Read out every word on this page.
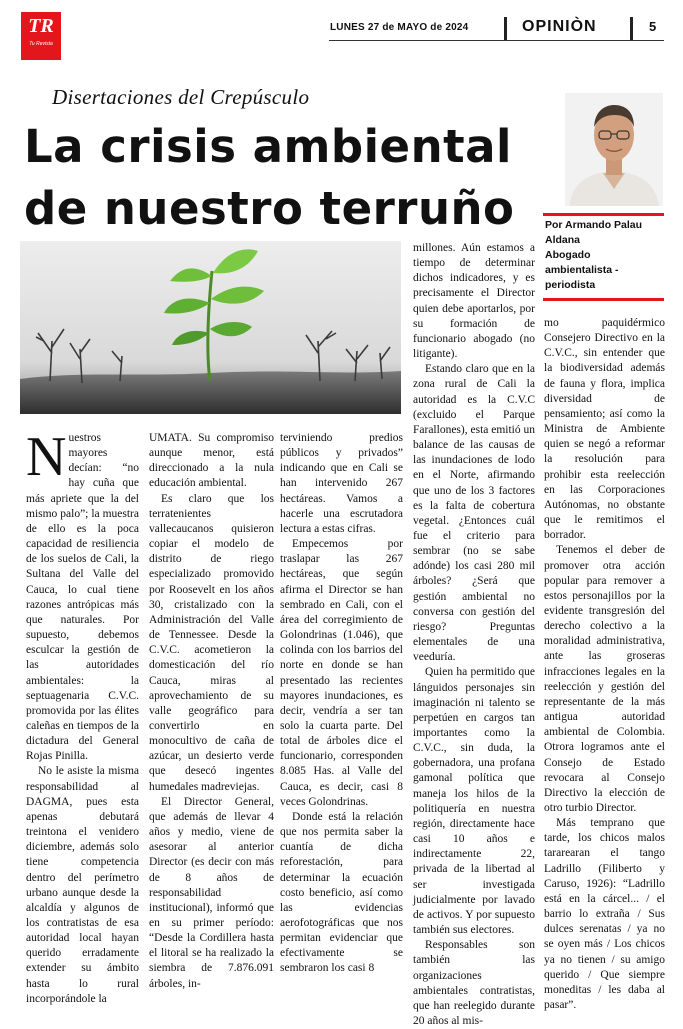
TR
Tu Revista
LUNES 27 de MAYO de 2024	OPINIÒN	5
Disertaciones del Crepúsculo
La crisis ambiental
de nuestro terruño	Por Armando Palau
Aldana
Abogado
ambientalista -
periodista

Nuestros mayores decían: “no hay cuña que más apriete que la del mismo palo”; la muestra de ello es la poca capacidad de resiliencia de los suelos de Cali, la Sultana del Valle del Cauca, lo cual tiene razones antrópicas más que naturales. Por supuesto, debemos esculcar la gestión de las autoridades ambientales: la septuagenaria C.V.C. promovida por las élites caleñas en tiempos de la dictadura del General Rojas Pinilla.

No le asiste la misma responsabilidad al DAGMA, pues esta apenas debutará treintona el venidero diciembre, además solo tiene competencia dentro del perímetro urbano aunque desde la alcaldía y algunos de los contratistas de esa autoridad local hayan querido erradamente extender su ámbito hasta lo rural incorporándole la

UMATA. Su compromiso aunque menor, está direccionado a la nula educación ambiental.

Es claro que los terratenientes vallecaucanos quisieron copiar el modelo de distrito de riego especializado promovido por Roosevelt en los años 30, cristalizado con la Administración del Valle de Tennessee. Desde la C.V.C. acometieron la domesticación del río Cauca, miras al aprovechamiento de su valle geográfico para convertirlo en monocultivo de caña de azúcar, un desierto verde que desecó ingentes humedales madreviejas.

El Director General, que además de llevar 4 años y medio, viene de asesorar al anterior Director (es decir con más de 8 años de responsabilidad institucional), informó que en su primer período: “Desde la Cordillera hasta el litoral se ha realizado la siembra de 7.876.091 árboles, in-

terviniendo predios públicos y privados” indicando que en Cali se han intervenido 267 hectáreas. Vamos a hacerle una escrutadora lectura a estas cifras.

Empecemos por traslapar las 267 hectáreas, que según afirma el Director se han sembrado en Cali, con el área del corregimiento de Golondrinas (1.046), que colinda con los barrios del norte en donde se han presentado las recientes mayores inundaciones, es decir, vendría a ser tan solo la cuarta parte. Del total de árboles dice el funcionario, corresponden 8.085 Has. al Valle del Cauca, es decir, casi 8 veces Golondrinas.

Donde está la relación que nos permita saber la cuantía de dicha reforestación, para determinar la ecuación costo beneficio, así como las evidencias aerofotográficas que nos permitan evidenciar que efectivamente se sembraron los casi 8

millones. Aún estamos a tiempo de determinar dichos indicadores, y es precisamente el Director quien debe aportarlos, por su formación de funcionario abogado (no litigante).

Estando claro que en la zona rural de Cali la autoridad es la C.V.C (excluido el Parque Farallones), esta emitió un balance de las causas de las inundaciones de lodo en el Norte, afirmando que uno de los 3 factores es la falta de cobertura vegetal. ¿Entonces cuál fue el criterio para sembrar (no se sabe adónde) los casi 280 mil árboles? ¿Será que gestión ambiental no conversa con gestión del riesgo? Preguntas elementales de una veeduría.

Quien ha permitido que lánguidos personajes sin imaginación ni talento se perpetúen en cargos tan importantes como la C.V.C., sin duda, la gobernadora, una profana gamonal política que maneja los hilos de la politiquería en nuestra región, directamente hace casi 10 años e indirectamente 22, privada de la libertad al ser investigada judicialmente por lavado de activos. Y por supuesto también sus electores.

Responsables son también las organizaciones ambientales contratistas, que han reelegido durante 20 años al mis-

mo paquidérmico Consejero Directivo en la C.V.C., sin entender que la biodiversidad además de fauna y flora, implica diversidad de pensamiento; así como la Ministra de Ambiente quien se negó a reformar la resolución para prohibir esta reelección en las Corporaciones Autónomas, no obstante que le remitimos el borrador.

Tenemos el deber de promover otra acción popular para remover a estos personajillos por la evidente transgresión del derecho colectivo a la moralidad administrativa, ante las groseras infracciones legales en la reelección y gestión del representante de la más antigua autoridad ambiental de Colombia. Otrora logramos ante el Consejo de Estado revocara al Consejo Directivo la elección de otro turbio Director.

Más temprano que tarde, los chicos malos tararearan el tango Ladrillo (Filiberto y Caruso, 1926): “Ladrillo está en la cárcel... / el barrio lo extraña / Sus dulces serenatas / ya no se oyen más / Los chicos ya no tienen / su amigo querido / Que siempre moneditas / les daba al pasar”.
